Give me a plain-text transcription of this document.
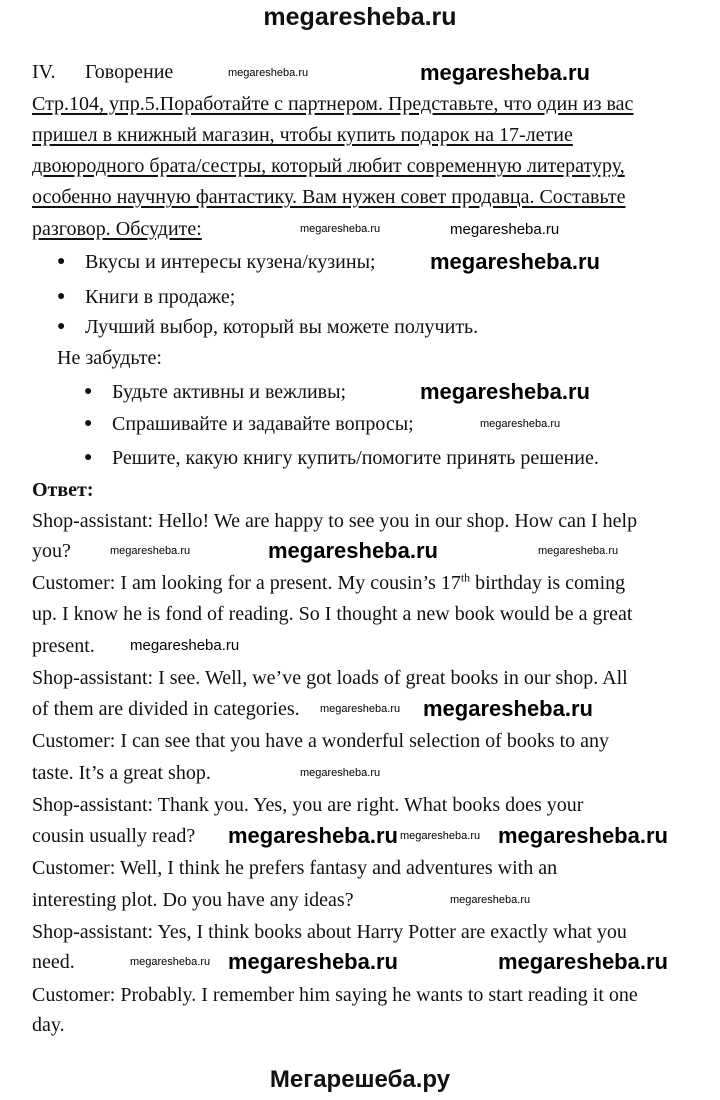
megaresheba.ru
IV. Говорение
Стр.104, упр.5.Поработайте с партнером. Представьте, что один из вас
пришел в книжный магазин, чтобы купить подарок на 17-летие
двоюродного брата/сестры, который любит современную литературу,
особенно научную фантастику. Вам нужен совет продавца. Составьте
разговор. Обсудите:
● Вкусы и интересы кузена/кузины;
● Книги в продаже;
● Лучший выбор, который вы можете получить.
Не забудьте:
● Будьте активны и вежливы;
● Спрашивайте и задавайте вопросы;
● Решите, какую книгу купить/помогите принять решение.
Ответ:
Shop-assistant: Hello! We are happy to see you in our shop. How can I help
you?
Customer: I am looking for a present. My cousin’s 17th birthday is coming
up. I know he is fond of reading. So I thought a new book would be a great
present.
Shop-assistant: I see. Well, we’ve got loads of great books in our shop. All
of them are divided in categories.
Customer: I can see that you have a wonderful selection of books to any
taste. It’s a great shop.
Shop-assistant: Thank you. Yes, you are right. What books does your
cousin usually read?
Customer: Well, I think he prefers fantasy and adventures with an
interesting plot. Do you have any ideas?
Shop-assistant: Yes, I think books about Harry Potter are exactly what you
need.
Customer: Probably. I remember him saying he wants to start reading it one
day.
megaresheba.ru
megaresheba.ru
megaresheba.ru
megaresheba.ru
megaresheba.ru
megaresheba.ru	megaresheba.ru
megaresheba.ru	megaresheba.ru
megaresheba.ru
megaresheba.ru	megaresheba.ru
megaresheba.ru
megaresheba.ru	megaresheba.ru
megaresheba.ru
megaresheba.ru
megaresheba.ru
megaresheba.ru
megaresheba.ru
megaresheba.ru
Мегарешеба.ру
